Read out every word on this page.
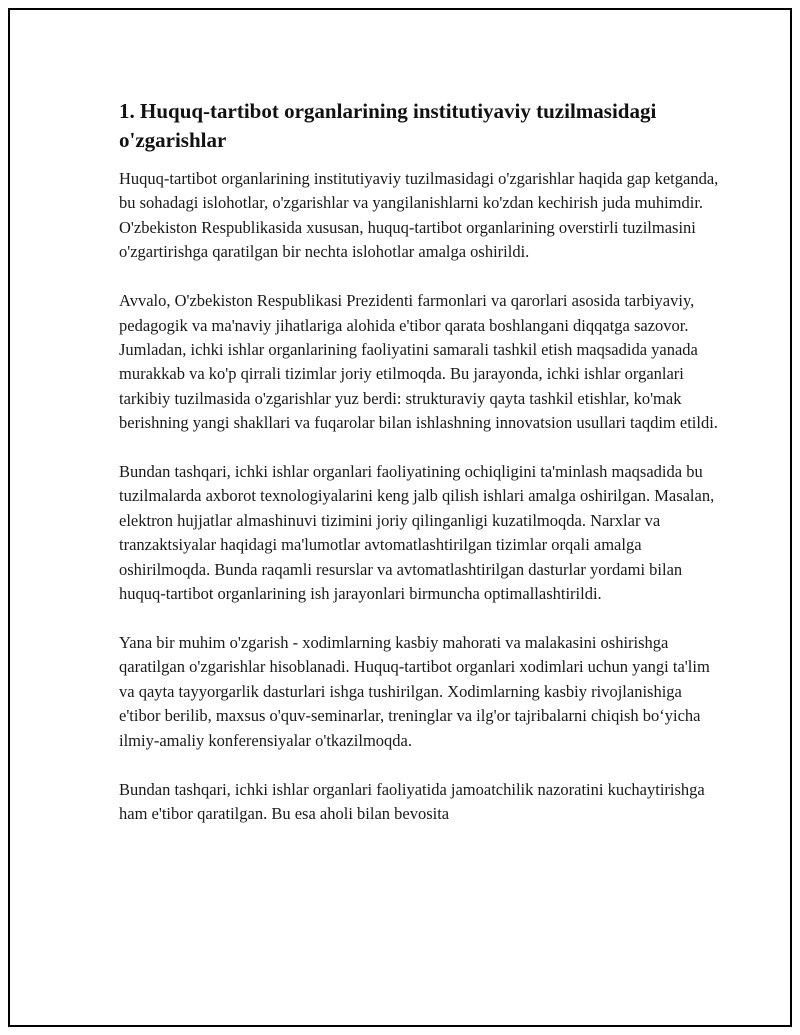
1. Huquq-tartibot organlarining institutiyaviy tuzilmasidagi o'zgarishlar

Huquq-tartibot organlarining institutiyaviy tuzilmasidagi o'zgarishlar haqida gap ketganda, bu sohadagi islohotlar, o'zgarishlar va yangilanishlarni ko'zdan kechirish juda muhimdir. O'zbekiston Respublikasida xususan, huquq-tartibot organlarining overstirli tuzilmasini o'zgartirishga qaratilgan bir nechta islohotlar amalga oshirildi.

Avvalo, O'zbekiston Respublikasi Prezidenti farmonlari va qarorlari asosida tarbiyaviy, pedagogik va ma'naviy jihatlariga alohida e'tibor qarata boshlangani diqqatga sazovor. Jumladan, ichki ishlar organlarining faoliyatini samarali tashkil etish maqsadida yanada murakkab va ko'p qirrali tizimlar joriy etilmoqda. Bu jarayonda, ichki ishlar organlari tarkibiy tuzilmasida o'zgarishlar yuz berdi: strukturaviy qayta tashkil etishlar, ko'mak berishning yangi shakllari va fuqarolar bilan ishlashning innovatsion usullari taqdim etildi.

Bundan tashqari, ichki ishlar organlari faoliyatining ochiqligini ta'minlash maqsadida bu tuzilmalarda axborot texnologiyalarini keng jalb qilish ishlari amalga oshirilgan. Masalan, elektron hujjatlar almashinuvi tizimini joriy qilinganligi kuzatilmoqda. Narxlar va tranzaktsiyalar haqidagi ma'lumotlar avtomatlashtirilgan tizimlar orqali amalga oshirilmoqda. Bunda raqamli resurslar va avtomatlashtirilgan dasturlar yordami bilan huquq-tartibot organlarining ish jarayonlari birmuncha optimallashtirildi.

Yana bir muhim o'zgarish - xodimlarning kasbiy mahorati va malakasini oshirishga qaratilgan o'zgarishlar hisoblanadi. Huquq-tartibot organlari xodimlari uchun yangi ta'lim va qayta tayyorgarlik dasturlari ishga tushirilgan. Xodimlarning kasbiy rivojlanishiga e'tibor berilib, maxsus o'quv-seminarlar, treninglar va ilg'or tajribalarni chiqish bo‘yicha ilmiy-amaliy konferensiyalar o'tkazilmoqda.

Bundan tashqari, ichki ishlar organlari faoliyatida jamoatchilik nazoratini kuchaytirishga ham e'tibor qaratilgan. Bu esa aholi bilan bevosita
